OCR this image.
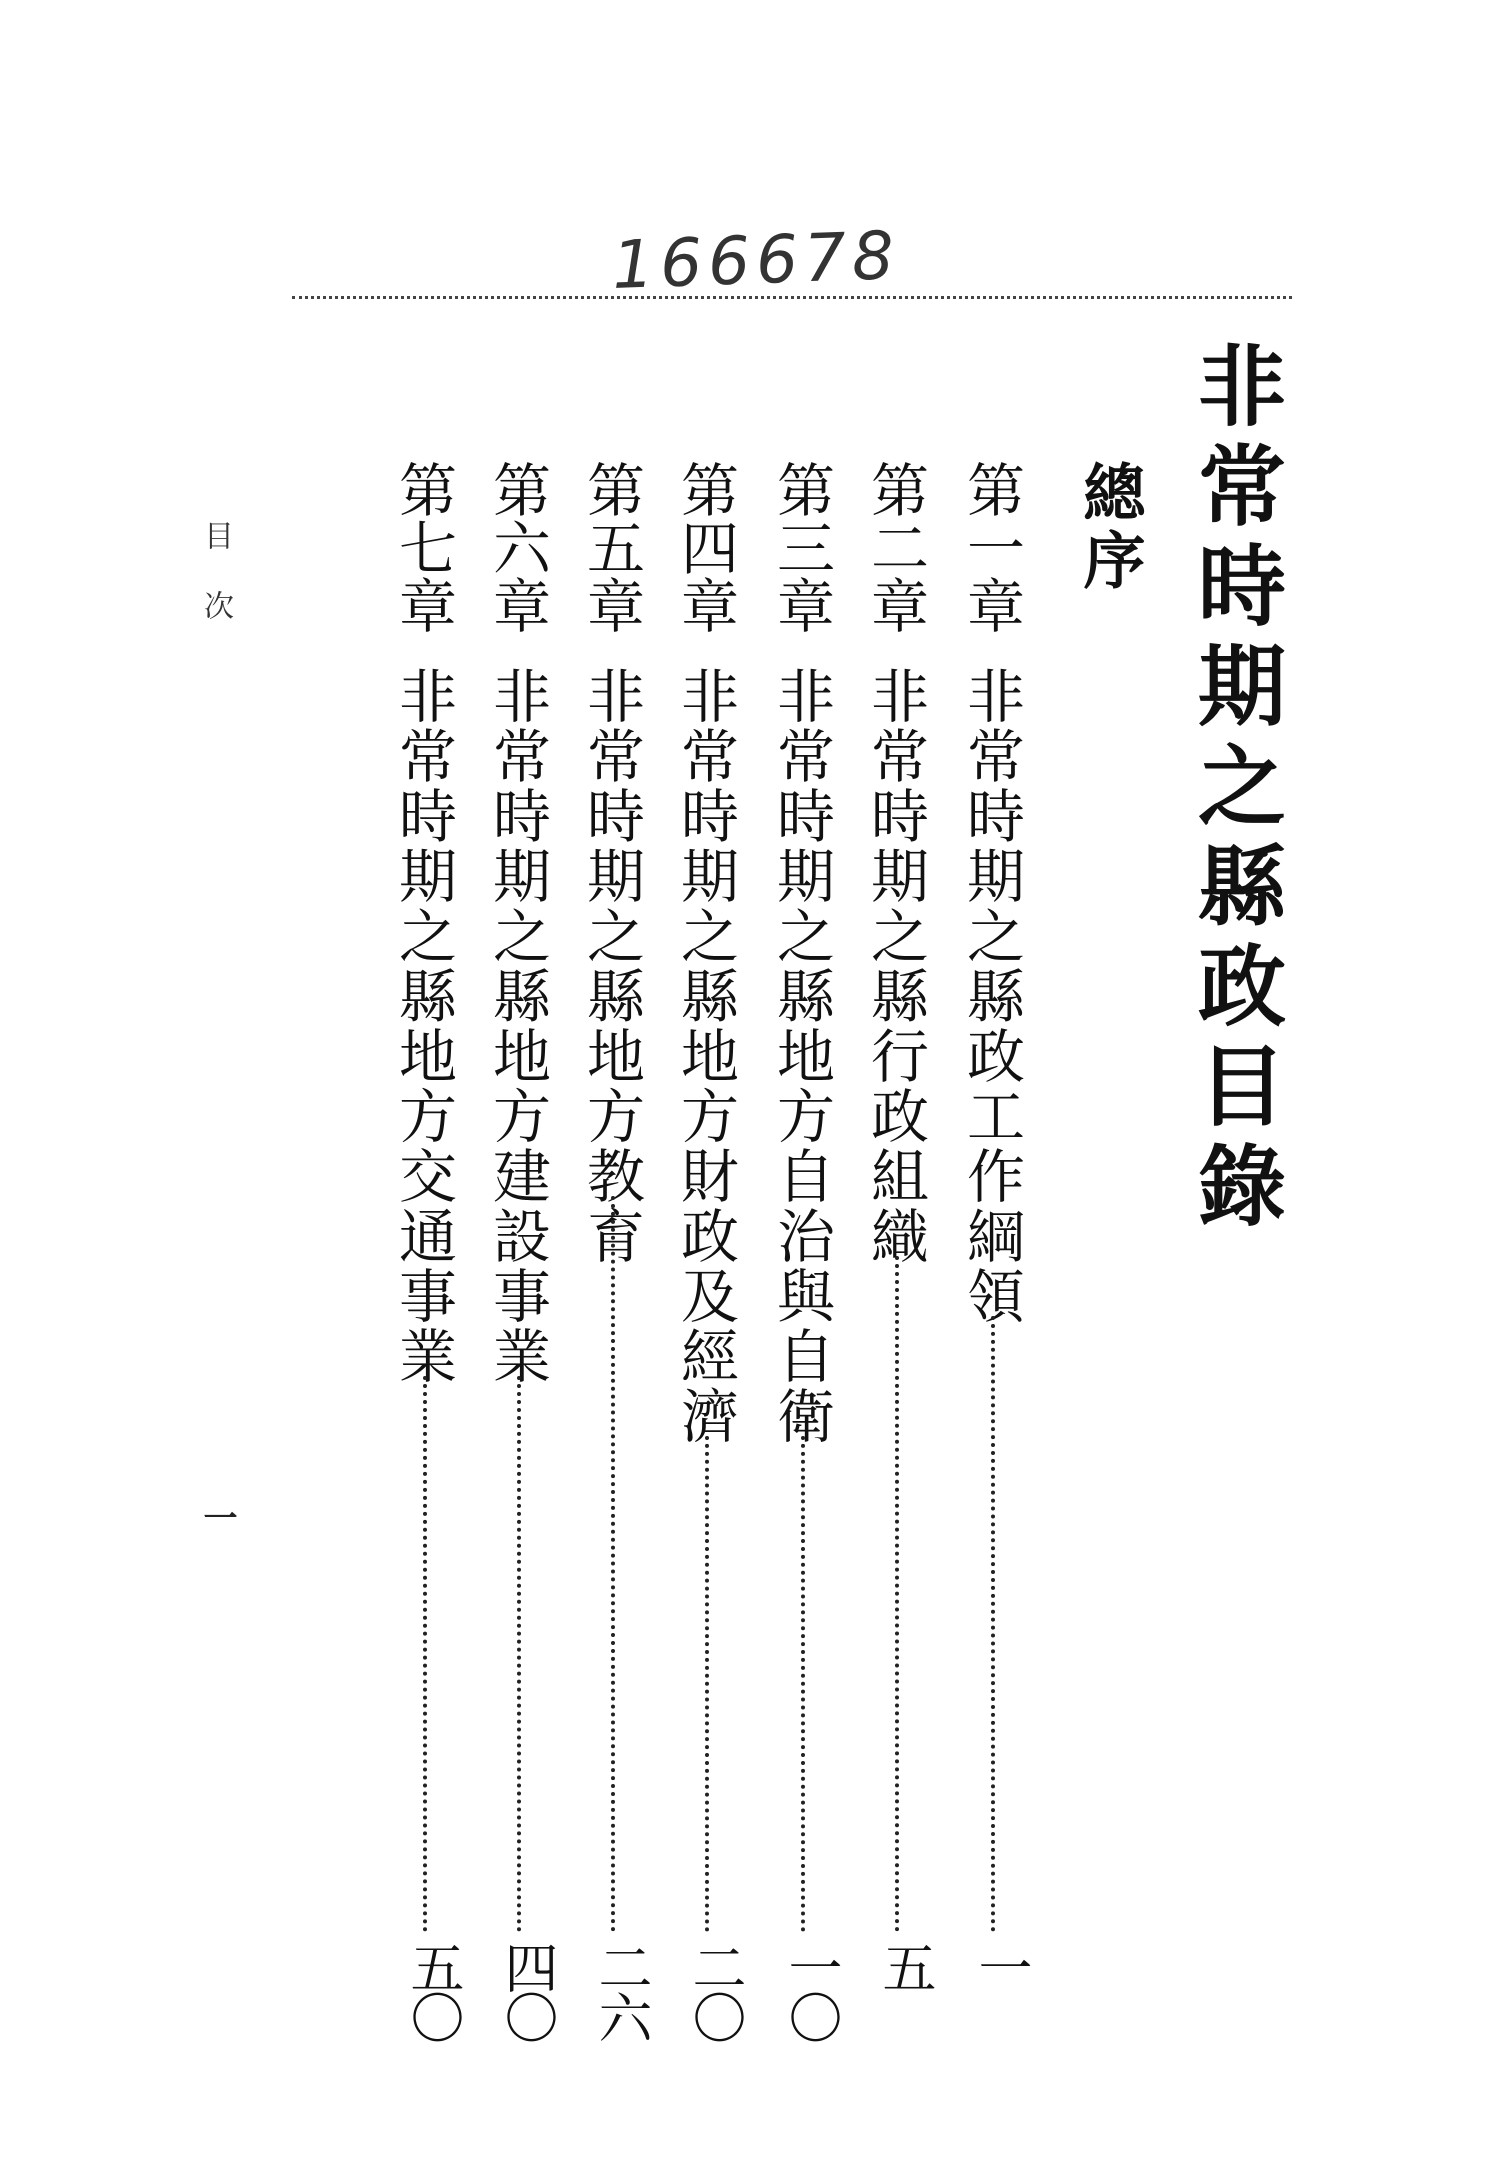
166678
非常時期之縣政目錄
總序
第一章
非常時期之縣政工作綱領
一
第二章
非常時期之縣行政組織
五
第三章
非常時期之縣地方自治與自衛
一〇
第四章
非常時期之縣地方財政及經濟
二〇
第五章
非常時期之縣地方教育
二六
第六章
非常時期之縣地方建設事業
四〇
第七章
非常時期之縣地方交通事業
五〇
目次
一
